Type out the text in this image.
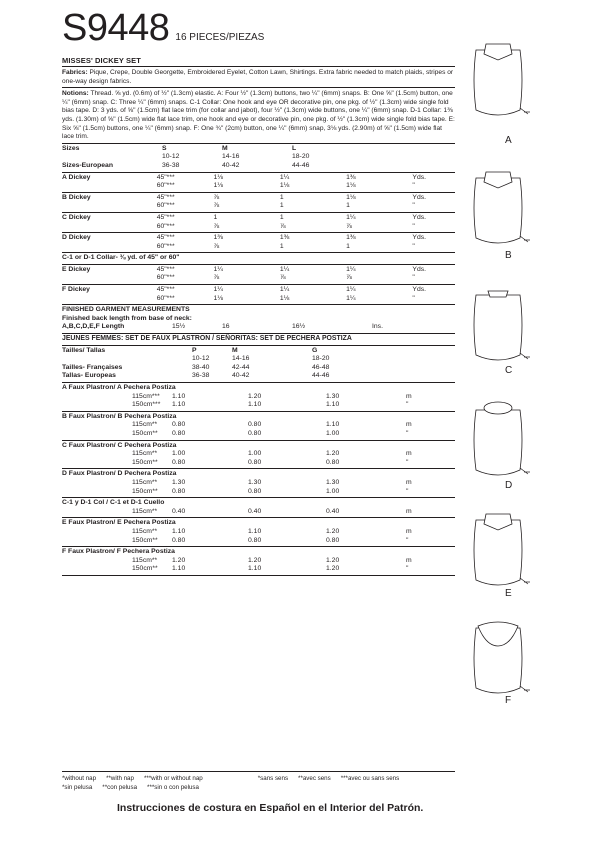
S9448 16 PIECES/PIEZAS

MISSES' DICKEY SET

Fabrics: Pique, Crepe, Double Georgette, Embroidered Eyelet, Cotton Lawn, Shirtings. Extra fabric needed to match plaids, stripes or one-way design fabrics.

Notions: Thread. ⅝ yd. (0.6m) of ½" (1.3cm) elastic. A: Four ½" (1.3cm) buttons, two ¼" (6mm) snaps. B: One ⅝" (1.5cm) button, one ¼" (6mm) snap. C: Three ¼" (6mm) snaps. C-1 Collar: One hook and eye OR decorative pin, one pkg. of ½" (1.3cm) wide single fold bias tape. D: 3 yds. of ⅝" (1.5cm) flat lace trim (for collar and jabot), four ½" (1.3cm) wide buttons, one ¼" (6mm) snap. D-1 Collar: 1⅜ yds. (1.30m) of ⅝" (1.5cm) wide flat lace trim, one hook and eye or decorative pin, one pkg. of ½" (1.3cm) wide single fold bias tape. E: Six ⅝" (1.5cm) buttons, one ¼" (6mm) snap. F: One ¾" (2cm) button, one ¼" (6mm) snap, 3⅛ yds. (2.90m) of ⅝" (1.5cm) wide flat lace trim.

Sizes	S	M	L
10-12	14-16	18-20
Sizes-European	36-38	40-42	44-46
A Dickey	45"***	1⅛	1¼	1⅜	Yds.
60"***	1⅛	1⅛	1⅛	"
B Dickey	45"***	⅞	1	1⅛	Yds.
60"***	⅞	1	1	"
C Dickey	45"***	1	1	1¼	Yds.
60"***	⅞	⅞	⅞	"
D Dickey	45"***	1⅜	1⅜	1⅜	Yds.
60"***	⅞	1	1	"
C-1 or D-1 Collar- ⅜ yd. of 45" or 60"
E Dickey	45"***	1¼	1¼	1¼	Yds.
60"***	⅞	⅞	⅞	"
F Dickey	45"***	1¼	1¼	1¼	Yds.
60"***	1⅛	1⅛	1¼	"
FINISHED GARMENT MEASUREMENTS
Finished back length from base of neck:
A,B,C,D,E,F Length	15½	16	16½	Ins.
JEUNES FEMMES: SET DE FAUX PLASTRON / SEÑORITAS: SET DE PECHERA POSTIZA
Tailles/ Tallas	P	M	G
10-12	14-16	18-20
Tailles- Françaises	38-40	42-44	46-48
Tallas- Europeas	36-38	40-42	44-46
A Faux Plastron/ A Pechera Postiza
115cm***	1.10	1.20	1.30	m
150cm***	1.10	1.10	1.10	"
B Faux Plastron/ B Pechera Postiza
115cm**	0.80	0.80	1.10	m
150cm**	0.80	0.80	1.00	"
C Faux Plastron/ C Pechera Postiza
115cm**	1.00	1.00	1.20	m
150cm**	0.80	0.80	0.80	"
D Faux Plastron/ D Pechera Postiza
115cm**	1.30	1.30	1.30	m
150cm**	0.80	0.80	1.00	"
C-1 y D-1 Col / C-1 et D-1 Cuello
115cm**	0.40	0.40	0.40	m
E Faux Plastron/ E Pechera Postiza
115cm**	1.10	1.10	1.20	m
150cm**	0.80	0.80	0.80	"
F Faux Plastron/ F Pechera Postiza
115cm**	1.20	1.20	1.20	m
150cm**	1.10	1.10	1.20	"
*without nap **with nap ***with or without nap	*sans sens **avec sens ***avec ou sans sens
*sin pelusa **con pelusa ***sin o con pelusa
Instrucciones de costura en Español en el Interior del Patrón.
A
B
C
D
E
F
